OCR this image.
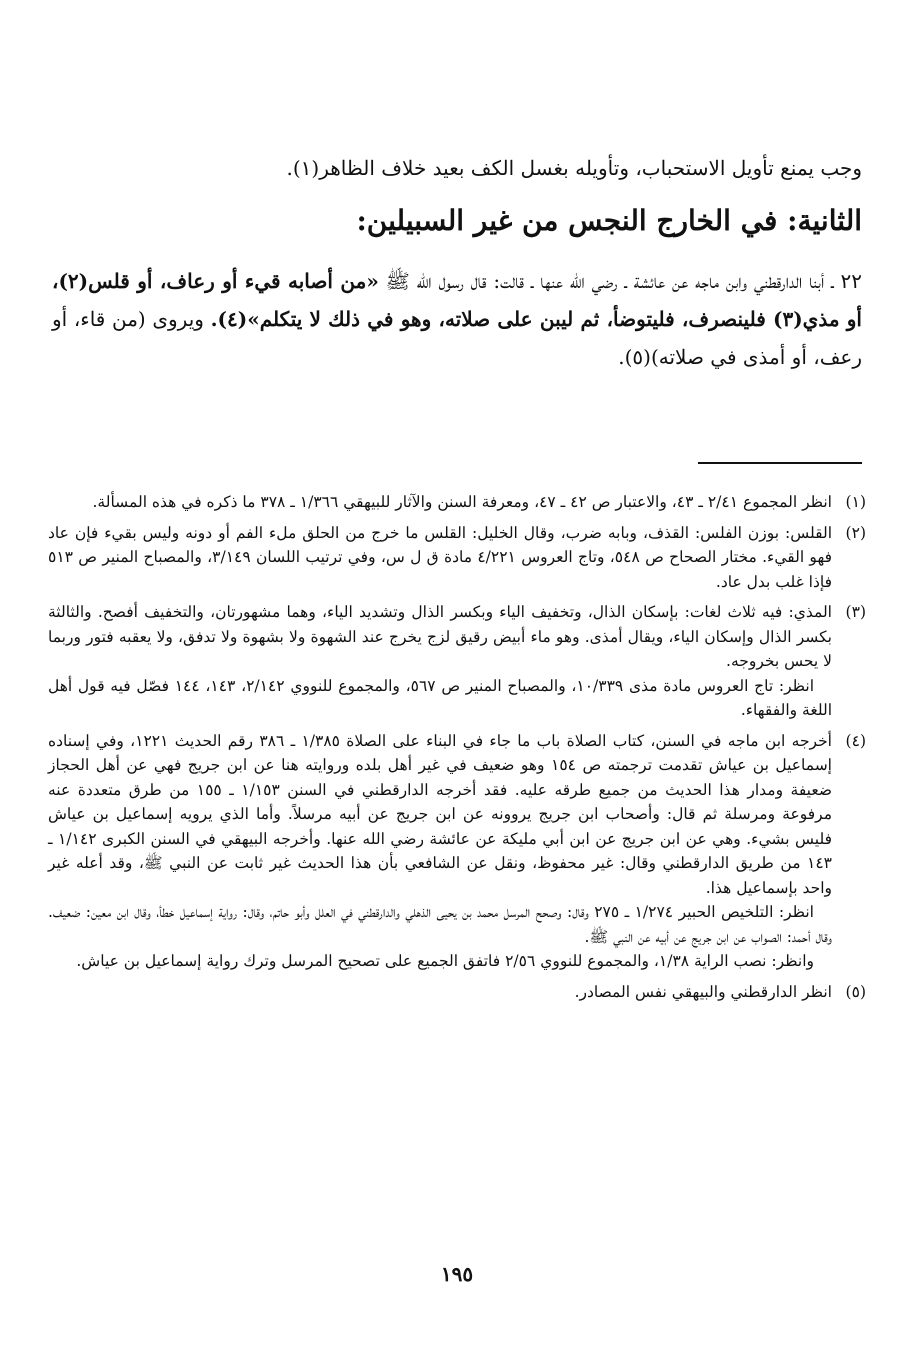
وجب يمنع تأويل الاستحباب، وتأويله بغسل الكف بعيد خلاف الظاهر(١).
الثانية: في الخارج النجس من غير السبيلين:
٢٢ ـ أبنا الدارقطني وابن ماجه عن عائشة ـ رضي الله عنها ـ قالت: قال رسول الله ﷺ «من أصابه قيء أو رعاف، أو قلس(٢)، أو مذي(٣) فلينصرف، فليتوضأ، ثم ليبن على صلاته، وهو في ذلك لا يتكلم»(٤). ويروى (من قاء، أو رعف، أو أمذى في صلاته)(٥).
(١)

انظر المجموع ٢/٤١ ـ ٤٣، والاعتبار ص ٤٢ ـ ٤٧، ومعرفة السنن والآثار للبيهقي ١/٣٦٦ ـ ٣٧٨ ما ذكره في هذه المسألة.

(٢)

القلس: بوزن الفلس: القذف، وبابه ضرب، وقال الخليل: القلس ما خرج من الحلق ملء الفم أو دونه وليس بقيء فإن عاد فهو القيء. مختار الصحاح ص ٥٤٨، وتاج العروس ٤/٢٢١ مادة ق ل س، وفي ترتيب اللسان ٣/١٤٩، والمصباح المنير ص ٥١٣ فإذا غلب بدل عاد.

(٣)

المذي: فيه ثلاث لغات: بإسكان الذال، وتخفيف الياء وبكسر الذال وتشديد الياء، وهما مشهورتان، والتخفيف أفصح. والثالثة بكسر الذال وإسكان الياء، ويقال أمذى. وهو ماء أبيض رقيق لزج يخرج عند الشهوة ولا بشهوة ولا تدفق، ولا يعقبه فتور وربما لا يحس بخروجه.

انظر: تاج العروس مادة مذى ١٠/٣٣٩، والمصباح المنير ص ٥٦٧، والمجموع للنووي ٢/١٤٢، ١٤٣، ١٤٤ فصّل فيه قول أهل اللغة والفقهاء.

(٤)

أخرجه ابن ماجه في السنن، كتاب الصلاة باب ما جاء في البناء على الصلاة ١/٣٨٥ ـ ٣٨٦ رقم الحديث ١٢٢١، وفي إسناده إسماعيل بن عياش تقدمت ترجمته ص ١٥٤ وهو ضعيف في غير أهل بلده وروايته هنا عن ابن جريج فهي عن أهل الحجاز ضعيفة ومدار هذا الحديث من جميع طرقه عليه. فقد أخرجه الدارقطني في السنن ١/١٥٣ ـ ١٥٥ من طرق متعددة عنه مرفوعة ومرسلة ثم قال: وأصحاب ابن جريج يروونه عن ابن جريج عن أبيه مرسلاً. وأما الذي يرويه إسماعيل بن عياش فليس بشيء. وهي عن ابن جريج عن ابن أبي مليكة عن عائشة رضي الله عنها. وأخرجه البيهقي في السنن الكبرى ١/١٤٢ ـ ١٤٣ من طريق الدارقطني وقال: غير محفوظ، ونقل عن الشافعي بأن هذا الحديث غير ثابت عن النبي ﷺ، وقد أعله غير واحد بإسماعيل هذا.

انظر: التلخيص الحبير ١/٢٧٤ ـ ٢٧٥ وقال: وصحح المرسل محمد بن يحيى الذهلي والدارقطني في العلل وأبو حاتم، وقال: رواية إسماعيل خطأ، وقال ابن معين: ضعيف. وقال أحمد: الصواب عن ابن جريج عن أبيه عن النبي ﷺ.

وانظر: نصب الراية ١/٣٨، والمجموع للنووي ٢/٥٦ فاتفق الجميع على تصحيح المرسل وترك رواية إسماعيل بن عياش.

(٥)

انظر الدارقطني والبيهقي نفس المصادر.

١٩٥
